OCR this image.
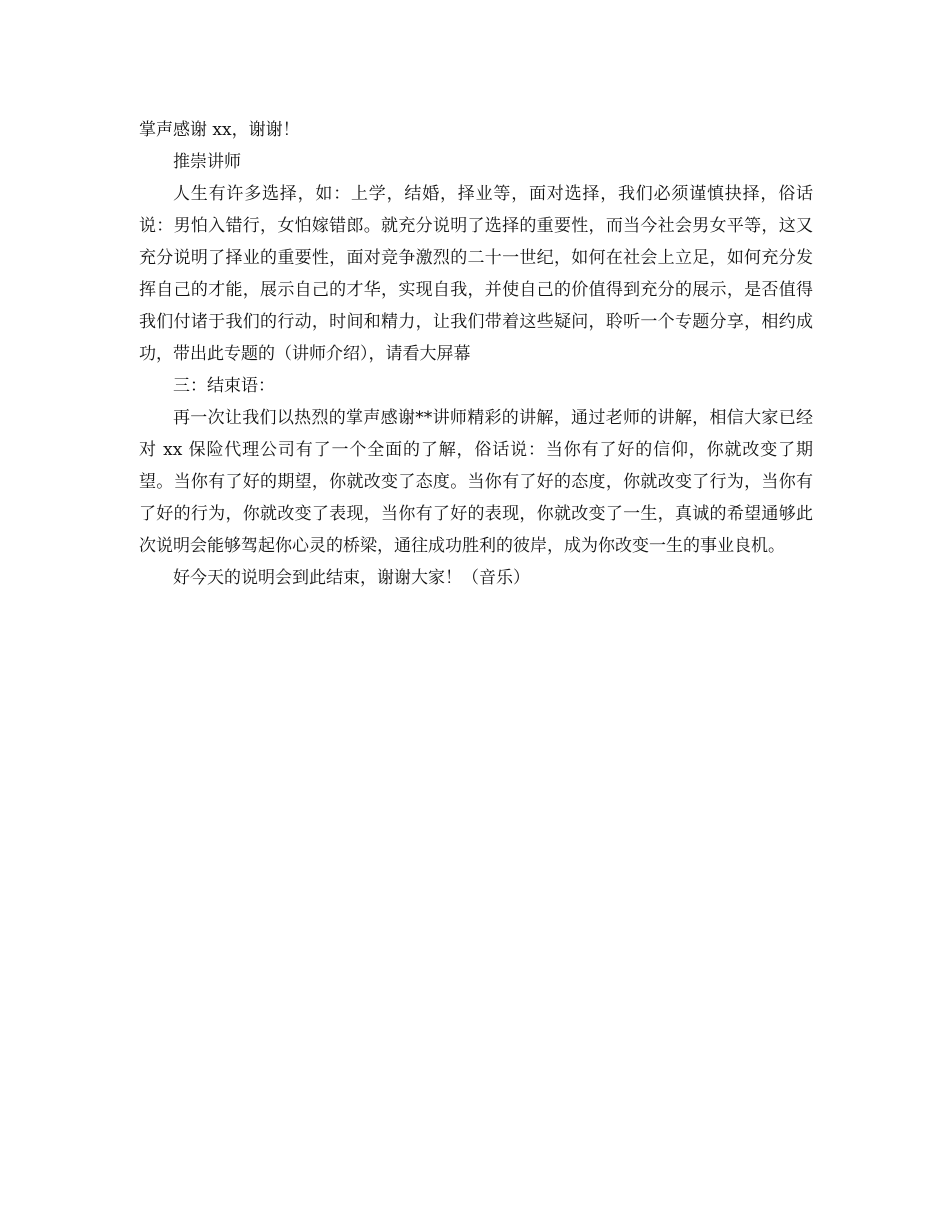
掌声感谢 xx，谢谢！
推崇讲师

人生有许多选择，如：上学，结婚，择业等，面对选择，我们必须谨慎抉择，俗话说：男怕入错行，女怕嫁错郎。就充分说明了选择的重要性，而当今社会男女平等，这又充分说明了择业的重要性，面对竞争激烈的二十一世纪，如何在社会上立足，如何充分发挥自己的才能，展示自己的才华，实现自我，并使自己的价值得到充分的展示，是否值得我们付诸于我们的行动，时间和精力，让我们带着这些疑问，聆听一个专题分享，相约成功，带出此专题的（讲师介绍），请看大屏幕

三：结束语：

再一次让我们以热烈的掌声感谢**讲师精彩的讲解，通过老师的讲解，相信大家已经对 xx 保险代理公司有了一个全面的了解，俗话说：当你有了好的信仰，你就改变了期望。当你有了好的期望，你就改变了态度。当你有了好的态度，你就改变了行为，当你有了好的行为，你就改变了表现，当你有了好的表现，你就改变了一生，真诚的希望通够此次说明会能够驾起你心灵的桥梁，通往成功胜利的彼岸，成为你改变一生的事业良机。

好今天的说明会到此结束，谢谢大家！（音乐）
